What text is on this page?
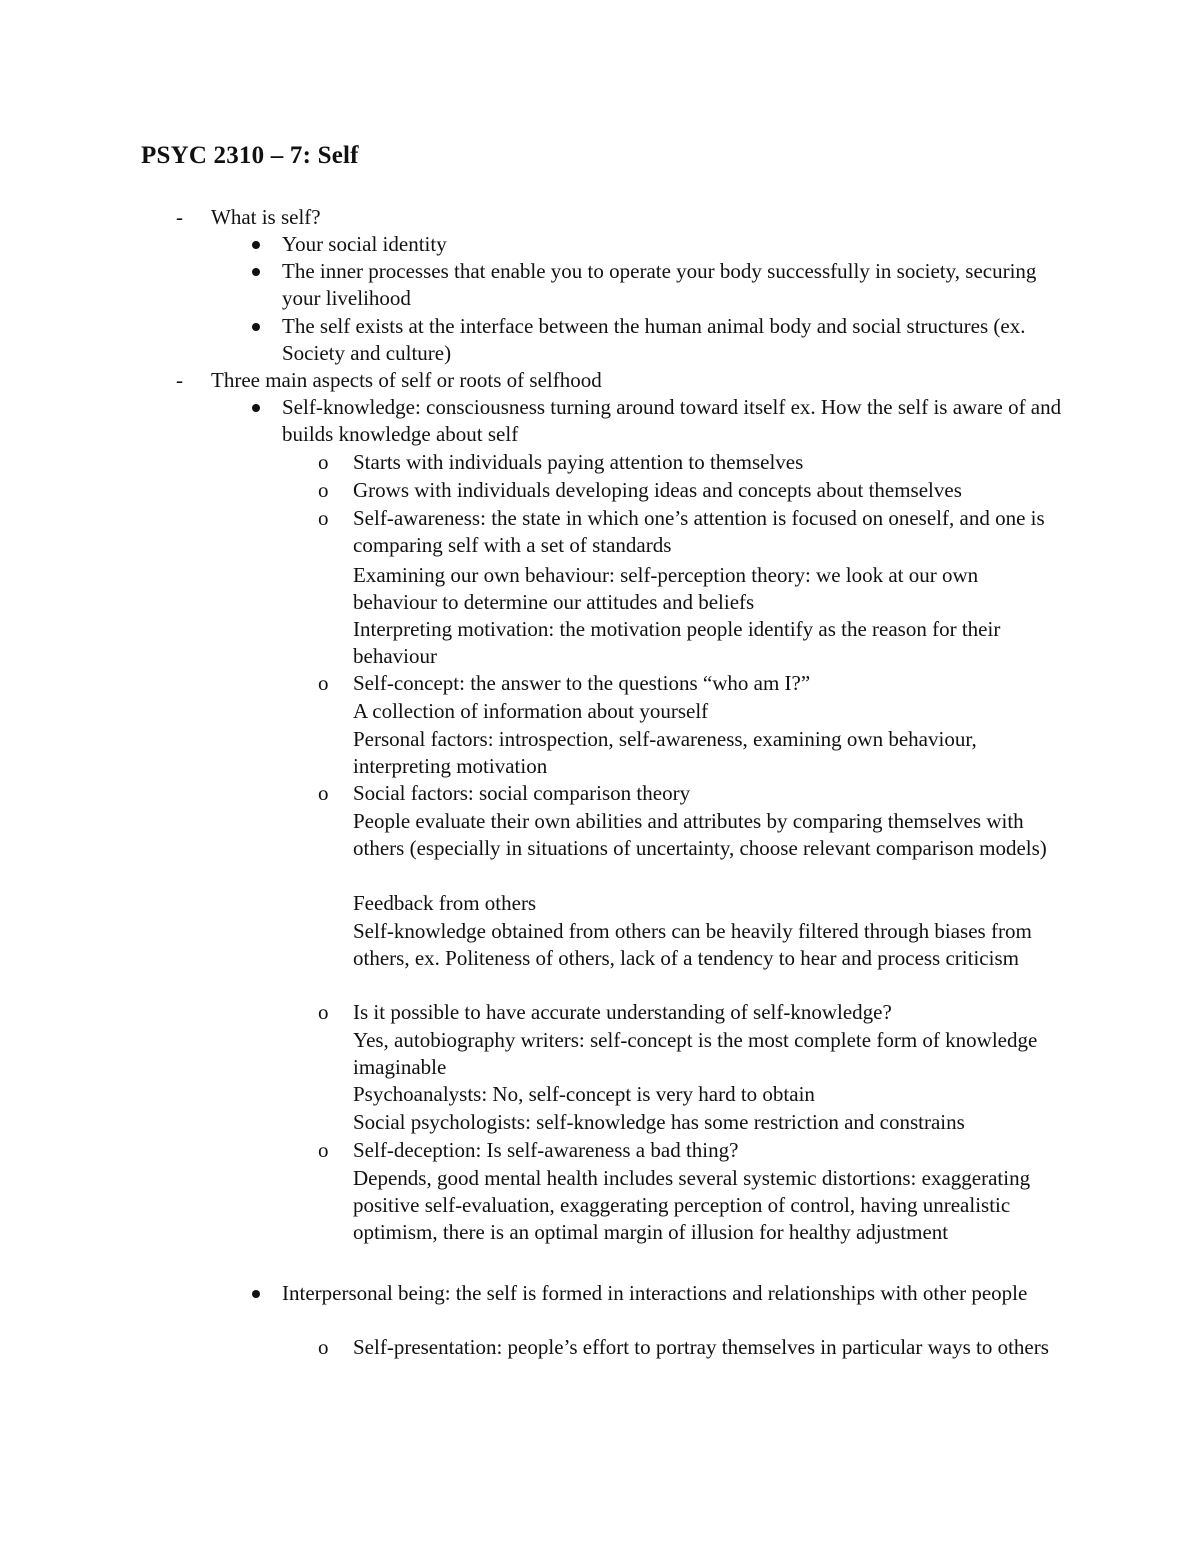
PSYC 2310 – 7: Self
- What is self?
Your social identity
The inner processes that enable you to operate your body successfully in society, securing your livelihood
The self exists at the interface between the human animal body and social structures (ex. Society and culture)
- Three main aspects of self or roots of selfhood
Self-knowledge: consciousness turning around toward itself ex. How the self is aware of and builds knowledge about self
o Starts with individuals paying attention to themselves
o Grows with individuals developing ideas and concepts about themselves
o Self-awareness: the state in which one’s attention is focused on oneself, and one is comparing self with a set of standards
Examining our own behaviour: self-perception theory: we look at our own behaviour to determine our attitudes and beliefs
Interpreting motivation: the motivation people identify as the reason for their behaviour
o Self-concept: the answer to the questions “who am I?”
A collection of information about yourself
Personal factors: introspection, self-awareness, examining own behaviour, interpreting motivation
o Social factors: social comparison theory
People evaluate their own abilities and attributes by comparing themselves with others (especially in situations of uncertainty, choose relevant comparison models)
Feedback from others
Self-knowledge obtained from others can be heavily filtered through biases from others, ex. Politeness of others, lack of a tendency to hear and process criticism
o Is it possible to have accurate understanding of self-knowledge?
Yes, autobiography writers: self-concept is the most complete form of knowledge imaginable
Psychoanalysts: No, self-concept is very hard to obtain
Social psychologists: self-knowledge has some restriction and constrains
o Self-deception: Is self-awareness a bad thing?
Depends, good mental health includes several systemic distortions: exaggerating positive self-evaluation, exaggerating perception of control, having unrealistic optimism, there is an optimal margin of illusion for healthy adjustment
Interpersonal being: the self is formed in interactions and relationships with other people
o Self-presentation: people’s effort to portray themselves in particular ways to others
